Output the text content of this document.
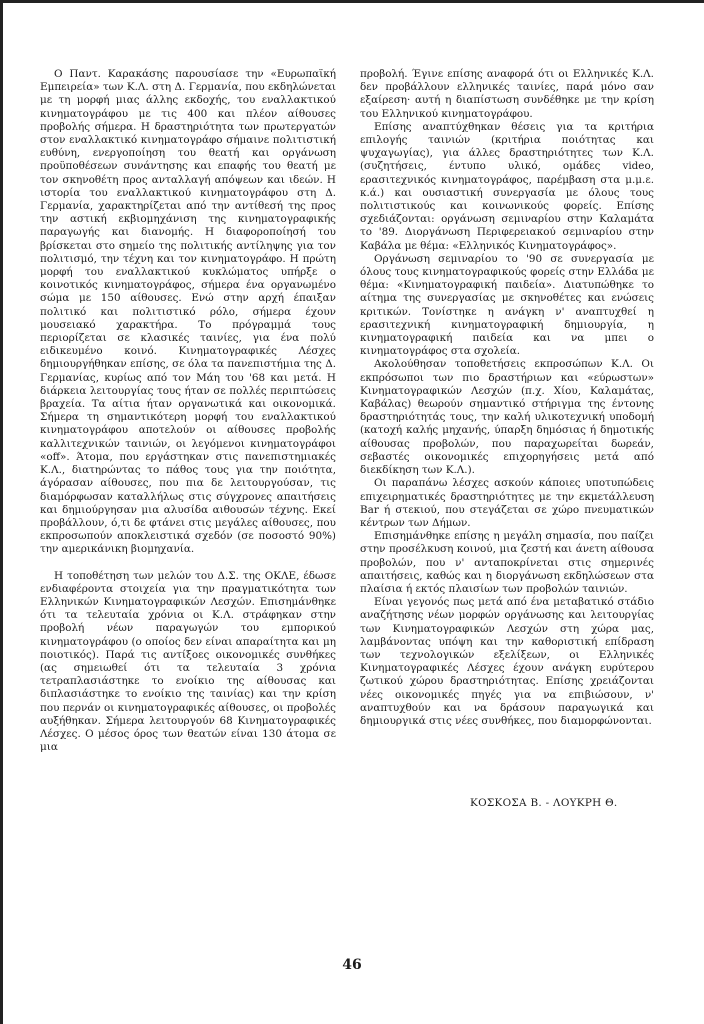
Ο Παντ. Καρακάσης παρουσίασε την «Ευρωπαϊκή Εμπειρεία» των Κ.Λ. στη Δ. Γερμανία, που εκδηλώνεται με τη μορφή μιας άλλης εκδοχής, του εναλλακτικού κινηματογράφου με τις 400 και πλέον αίθουσες προβολής σήμερα. Η δραστηριότητα των πρωτεργατών στον εναλλακτικό κινηματογράφο σήμαινε πολιτιστική ευθύνη, ενεργοποίηση του θεατή και οργάνωση προϋποθέσεων συνάντησης και επαφής του θεατή με τον σκηνοθέτη προς ανταλλαγή απόψεων και ιδεών. Η ιστορία του εναλλακτικού κινηματογράφου στη Δ. Γερμανία, χαρακτηρίζεται από την αντίθεσή της προς την αστική εκβιομηχάνιση της κινηματογραφικής παραγωγής και διανομής. Η διαφοροποίησή του βρίσκεται στο σημείο της πολιτικής αντίληψης για τον πολιτισμό, την τέχνη και τον κινηματογράφο. Η πρώτη μορφή του εναλλακτικού κυκλώματος υπήρξε ο κοινοτικός κινηματογράφος, σήμερα ένα οργανωμένο σώμα με 150 αίθουσες. Ενώ στην αρχή έπαιξαν πολιτικό και πολιτιστικό ρόλο, σήμερα έχουν μουσειακό χαρακτήρα. Το πρόγραμμά τους περιορίζεται σε κλασικές ταινίες, για ένα πολύ ειδικευμένο κοινό. Κινηματογραφικές Λέσχες δημιουργήθηκαν επίσης, σε όλα τα πανεπιστήμια της Δ. Γερμανίας, κυρίως από τον Μάη του '68 και μετά. Η διάρκεια λειτουργίας τους ήταν σε πολλές περιπτώσεις βραχεία. Τα αίτια ήταν οργανωτικά και οικονομικά. Σήμερα τη σημαντικότερη μορφή του εναλλακτικού κινηματογράφου αποτελούν οι αίθουσες προβολής καλλιτεχνικών ταινιών, οι λεγόμενοι κινηματογράφοι «off». Άτομα, που εργάστηκαν στις πανεπιστημιακές Κ.Λ., διατηρώντας το πάθος τους για την ποιότητα, άγόρασαν αίθουσες, που πια δε λειτουργούσαν, τις διαμόρφωσαν καταλλήλως στις σύγχρονες απαιτήσεις και δημιούργησαν μια αλυσίδα αιθουσών τέχνης. Εκεί προβάλλουν, ό,τι δε φτάνει στις μεγάλες αίθουσες, που εκπροσωπούν αποκλειστικά σχεδόν (σε ποσοστό 90%) την αμερικάνικη βιομηχανία.

Η τοποθέτηση των μελών του Δ.Σ. της ΟΚΛΕ, έδωσε ενδιαφέροντα στοιχεία για την πραγματικότητα των Ελληνικών Κινηματογραφικών Λεσχών. Επισημάνθηκε ότι τα τελευταία χρόνια οι Κ.Λ. στράφηκαν στην προβολή νέων παραγωγών του εμπορικού κινηματογράφου (ο οποίος δεν είναι απαραίτητα και μη ποιοτικός). Παρά τις αντίξοες οικονομικές συνθήκες (ας σημειωθεί ότι τα τελευταία 3 χρόνια τετραπλασιάστηκε το ενοίκιο της αίθουσας και διπλασιάστηκε το ενοίκιο της ταινίας) και την κρίση που περνάν οι κινηματογραφικές αίθουσες, οι προβολές αυξήθηκαν. Σήμερα λειτουργούν 68 Κινηματογραφικές Λέσχες. Ο μέσος όρος των θεατών είναι 130 άτομα σε μια

προβολή. Έγινε επίσης αναφορά ότι οι Ελληνικές Κ.Λ. δεν προβάλλουν ελληνικές ταινίες, παρά μόνο σαν εξαίρεση· αυτή η διαπίστωση συνδέθηκε με την κρίση του Ελληνικού κινηματογράφου.

Επίσης αναπτύχθηκαν θέσεις για τα κριτήρια επιλογής ταινιών (κριτήρια ποιότητας και ψυχαγωγίας), για άλλες δραστηριότητες των Κ.Λ. (συζητήσεις, έντυπο υλικό, ομάδες video, ερασιτεχνικός κινηματογράφος, παρέμβαση στα μ.μ.ε. κ.ά.) και ουσιαστική συνεργασία με όλους τους πολιτιστικούς και κοινωνικούς φορείς. Επίσης σχεδιάζονται: οργάνωση σεμιναρίου στην Καλαμάτα το '89. Διοργάνωση Περιφερειακού σεμιναρίου στην Καβάλα με θέμα: «Ελληνικός Κινηματογράφος».

Οργάνωση σεμιναρίου το '90 σε συνεργασία με όλους τους κινηματογραφικούς φορείς στην Ελλάδα με θέμα: «Κινηματογραφική παιδεία». Διατυπώθηκε το αίτημα της συνεργασίας με σκηνοθέτες και ενώσεις κριτικών. Τονίστηκε η ανάγκη ν' αναπτυχθεί η ερασιτεχνική κινηματογραφική δημιουργία, η κινηματογραφική παιδεία και να μπει ο κινηματογράφος στα σχολεία.

Ακολούθησαν τοποθετήσεις εκπροσώπων Κ.Λ. Οι εκπρόσωποι των πιο δραστήριων και «εύρωστων» Κινηματογραφικών Λεσχών (π.χ. Χίου, Καλαμάτας, Καβάλας) θεωρούν σημαντικό στήριγμα της έντονης δραστηριότητάς τους, την καλή υλικοτεχνική υποδομή (κατοχή καλής μηχανής, ύπαρξη δημόσιας ή δημοτικής αίθουσας προβολών, που παραχωρείται δωρεάν, σεβαστές οικονομικές επιχορηγήσεις μετά από διεκδίκηση των Κ.Λ.).

Οι παραπάνω λέσχες ασκούν κάποιες υποτυπώδεις επιχειρηματικές δραστηριότητες με την εκμετάλλευση Bar ή στεκιού, που στεγάζεται σε χώρο πνευματικών κέντρων των Δήμων.

Επισημάνθηκε επίσης η μεγάλη σημασία, που παίζει στην προσέλκυση κοινού, μια ζεστή και άνετη αίθουσα προβολών, που ν' ανταποκρίνεται στις σημερινές απαιτήσεις, καθώς και η διοργάνωση εκδηλώσεων στα πλαίσια ή εκτός πλαισίων των προβολών ταινιών.

Είναι γεγονός πως μετά από ένα μεταβατικό στάδιο αναζήτησης νέων μορφών οργάνωσης και λειτουργίας των Κινηματογραφικών Λεσχών στη χώρα μας, λαμβάνοντας υπόψη και την καθοριστική επίδραση των τεχνολογικών εξελίξεων, οι Ελληνικές Κινηματογραφικές Λέσχες έχουν ανάγκη ευρύτερου ζωτικού χώρου δραστηριότητας. Επίσης χρειάζονται νέες οικονομικές πηγές για να επιβιώσουν, ν' αναπτυχθούν και να δράσουν παραγωγικά και δημιουργικά στις νέες συνθήκες, που διαμορφώνονται.

ΚΟΣΚΟΣΑ Β. - ΛΟΥΚΡΗ Θ.
46
